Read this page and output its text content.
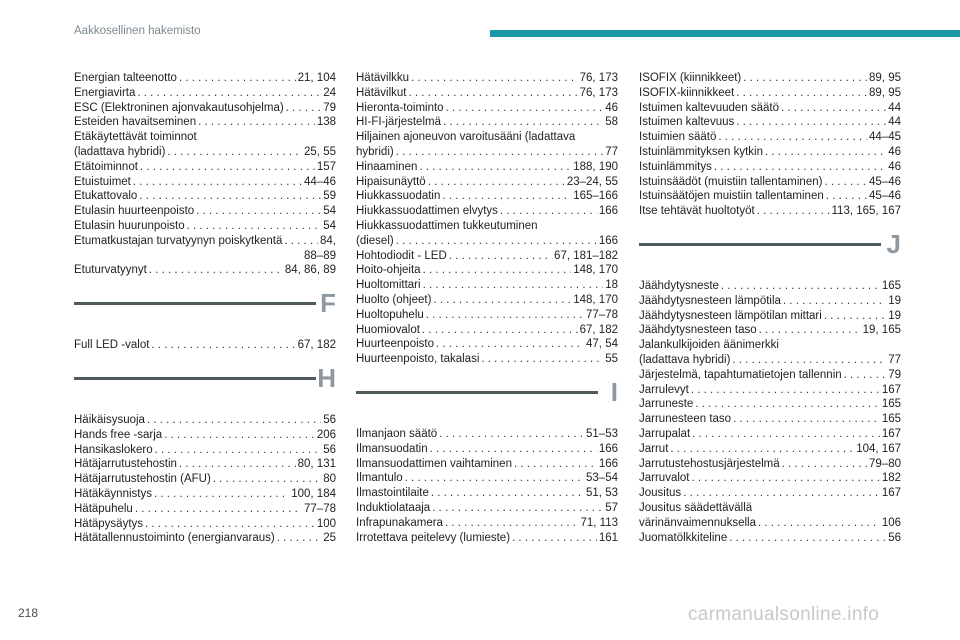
Aakkosellinen hakemisto
Energian talteenotto . . .	21, 104
Energiavirta . . .	24
ESC (Elektroninen ajonvakautusohjelma) . . .	79
Esteiden havaitseminen . . .	138
Etäkäytettävät toiminnot
(ladattava hybridi) . . .	25, 55
Etätoiminnot . . .	157
Etuistuimet . . .	44–46
Etukattovalo . . .	59
Etulasin huurteenpoisto . . .	54
Etulasin huurunpoisto . . .	54
Etumatkustajan turvatyynyn poiskytkentä . . .	84,
88–89
Etuturvatyynyt . . .	84, 86, 89
F
Full LED -valot . . .	67, 182
H
Häikäisysuoja . . .	56
Hands free -sarja . . .	206
Hansikaslokero . . .	56
Hätäjarrutustehostin . . .	80, 131
Hätäjarrutustehostin (AFU) . . .	80
Hätäkäynnistys . . .	100, 184
Hätäpuhelu . . .	77–78
Hätäpysäytys . . .	100
Hätätallennustoiminto (energianvaraus) . . .	25
Hätävilkku . . .	76, 173
Hätävilkut . . .	76, 173
Hieronta-toiminto . . .	46
HI-FI-järjestelmä . . .	58
Hiljainen ajoneuvon varoitusääni (ladattava
hybridi) . . .	77
Hinaaminen . . .	188, 190
Hipaisunäyttö . . .	23–24, 55
Hiukkassuodatin . . .	165–166
Hiukkassuodattimen elvytys . . .	166
Hiukkassuodattimen tukkeutuminen
(diesel) . . .	166
Hohtodiodit - LED . . .	67, 181–182
Hoito-ohjeita . . .	148, 170
Huoltomittari . . .	18
Huolto (ohjeet) . . .	148, 170
Huoltopuhelu . . .	77–78
Huomiovalot . . .	67, 182
Huurteenpoisto . . .	47, 54
Huurteenpoisto, takalasi . . .	55
I
Ilmanjaon säätö . . .	51–53
Ilmansuodatin . . .	166
Ilmansuodattimen vaihtaminen . . .	166
Ilmantulo . . .	53–54
Ilmastointilaite . . .	51, 53
Induktiolataaja . . .	57
Infrapunakamera . . .	71, 113
Irrotettava peitelevy (lumieste) . . .	161
ISOFIX (kiinnikkeet) . . .	89, 95
ISOFIX-kiinnikkeet . . .	89, 95
Istuimen kaltevuuden säätö . . .	44
Istuimen kaltevuus . . .	44
Istuimien säätö . . .	44–45
Istuinlämmityksen kytkin . . .	46
Istuinlämmitys . . .	46
Istuinsäädöt (muistiin tallentaminen) . . .	45–46
Istuinsäätöjen muistiin tallentaminen . . .	45–46
Itse tehtävät huoltotyöt . . .	113, 165, 167
J
Jäähdytysneste . . .	165
Jäähdytysnesteen lämpötila . . .	19
Jäähdytysnesteen lämpötilan mittari . . .	19
Jäähdytysnesteen taso . . .	19, 165
Jalankulkijoiden äänimerkki
(ladattava hybridi) . . .	77
Järjestelmä, tapahtumatietojen tallennin . . .	79
Jarrulevyt . . .	167
Jarruneste . . .	165
Jarrunesteen taso . . .	165
Jarrupalat . . .	167
Jarrut . . .	104, 167
Jarrutustehostusjärjestelmä . . .	79–80
Jarruvalot . . .	182
Jousitus . . .	167
Jousitus säädettävällä
värinänvaimennuksella . . .	106
Juomatölkkiteline . . .	56
218	carmanualsonline.info
